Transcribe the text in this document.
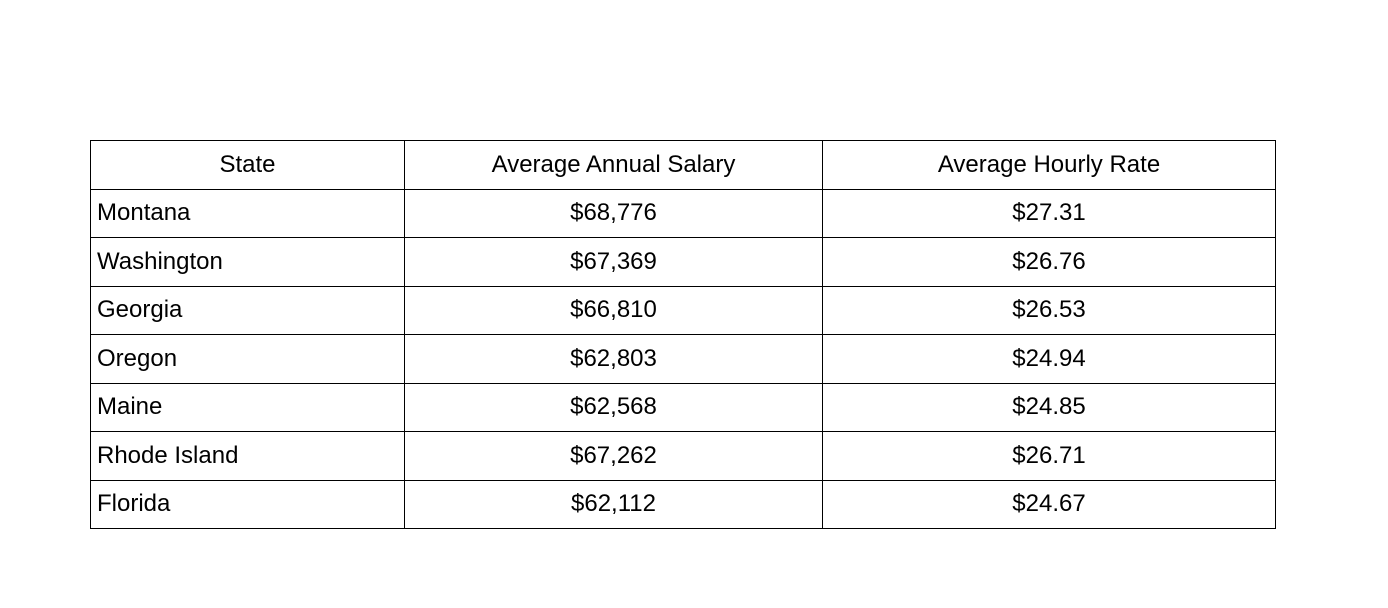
State	Average Annual Salary	Average Hourly Rate
Montana	$68,776	$27.31
Washington	$67,369	$26.76
Georgia	$66,810	$26.53
Oregon	$62,803	$24.94
Maine	$62,568	$24.85
Rhode Island	$67,262	$26.71
Florida	$62,112	$24.67
